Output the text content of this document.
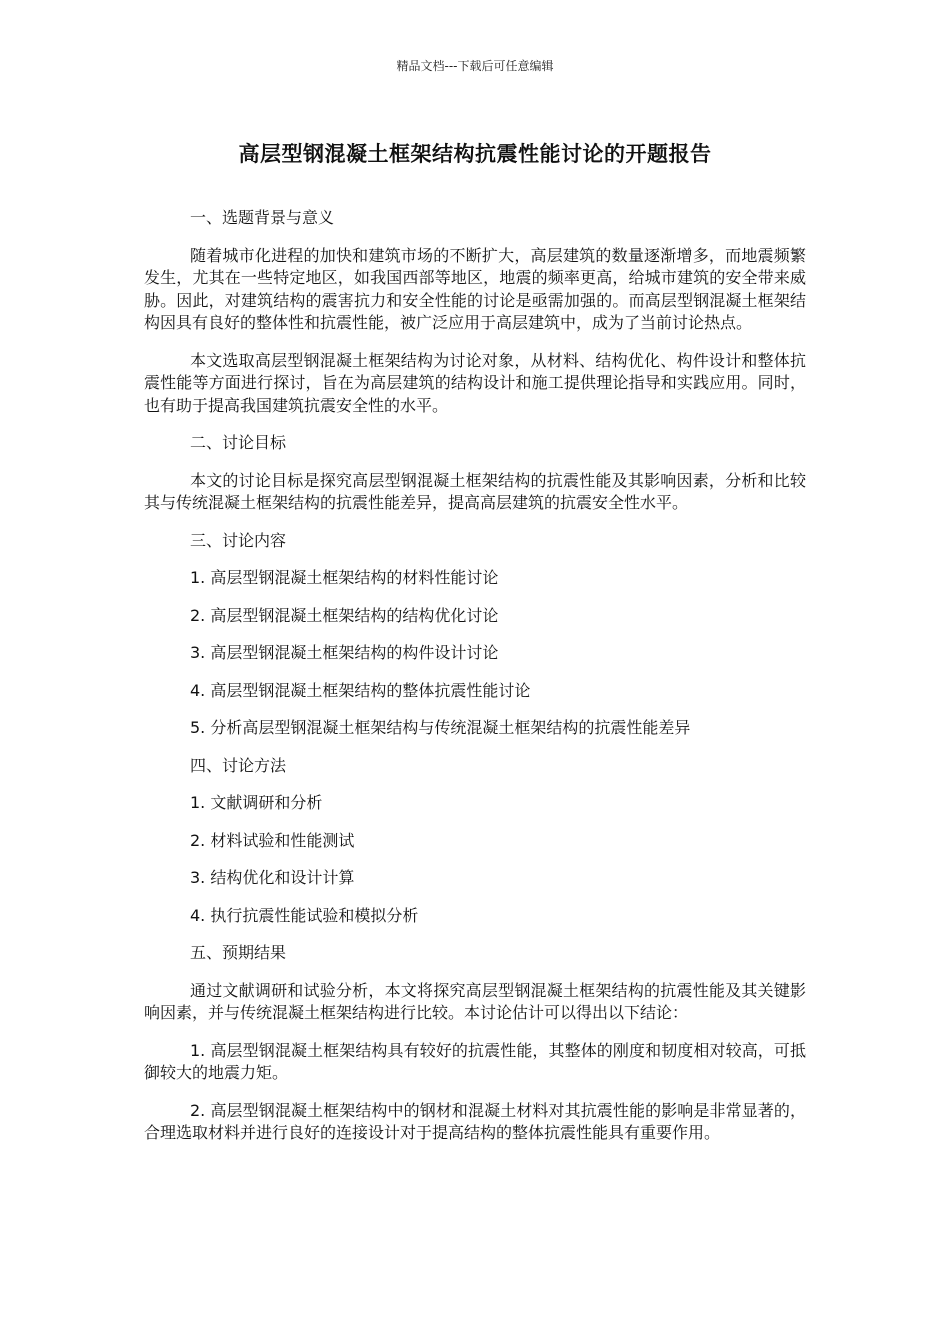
精品文档---下载后可任意编辑
高层型钢混凝土框架结构抗震性能讨论的开题报告

一、选题背景与意义

随着城市化进程的加快和建筑市场的不断扩大，高层建筑的数量逐渐增多，而地震频繁发生，尤其在一些特定地区，如我国西部等地区，地震的频率更高，给城市建筑的安全带来威胁。因此，对建筑结构的震害抗力和安全性能的讨论是亟需加强的。而高层型钢混凝土框架结构因具有良好的整体性和抗震性能，被广泛应用于高层建筑中，成为了当前讨论热点。

本文选取高层型钢混凝土框架结构为讨论对象，从材料、结构优化、构件设计和整体抗震性能等方面进行探讨，旨在为高层建筑的结构设计和施工提供理论指导和实践应用。同时，也有助于提高我国建筑抗震安全性的水平。

二、讨论目标

本文的讨论目标是探究高层型钢混凝土框架结构的抗震性能及其影响因素，分析和比较其与传统混凝土框架结构的抗震性能差异，提高高层建筑的抗震安全性水平。

三、讨论内容

1. 高层型钢混凝土框架结构的材料性能讨论

2. 高层型钢混凝土框架结构的结构优化讨论

3. 高层型钢混凝土框架结构的构件设计讨论

4. 高层型钢混凝土框架结构的整体抗震性能讨论

5. 分析高层型钢混凝土框架结构与传统混凝土框架结构的抗震性能差异

四、讨论方法

1. 文献调研和分析

2. 材料试验和性能测试

3. 结构优化和设计计算

4. 执行抗震性能试验和模拟分析

五、预期结果

通过文献调研和试验分析，本文将探究高层型钢混凝土框架结构的抗震性能及其关键影响因素，并与传统混凝土框架结构进行比较。本讨论估计可以得出以下结论：

1. 高层型钢混凝土框架结构具有较好的抗震性能，其整体的刚度和韧度相对较高，可抵御较大的地震力矩。

2. 高层型钢混凝土框架结构中的钢材和混凝土材料对其抗震性能的影响是非常显著的，合理选取材料并进行良好的连接设计对于提高结构的整体抗震性能具有重要作用。
